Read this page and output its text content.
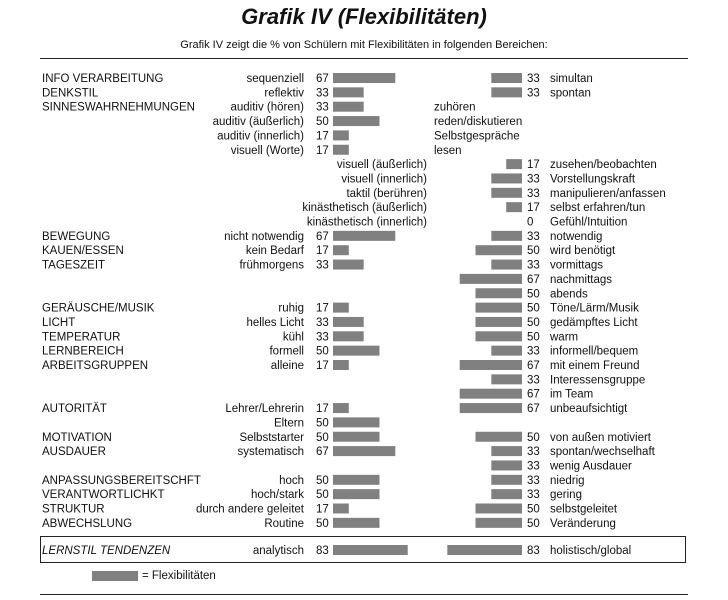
Grafik IV (Flexibilitäten)
Grafik IV zeigt die % von Schülern mit Flexibilitäten in folgenden Bereichen:
INFO VERARBEITUNG	sequenziell 67	33 simultan
DENKSTIL	reflektiv 33	33 spontan
SINNESWAHRNEHMUNGEN	auditiv (hören) 33	zuhören
auditiv (äußerlich) 50	reden/diskutieren
auditiv (innerlich) 17	Selbstgespräche
visuell (Worte) 17	lesen
visuell (äußerlich)	17 zusehen/beobachten
visuell (innerlich)	33 Vorstellungskraft
taktil (berühren)	33 manipulieren/anfassen
kinästhetisch (äußerlich)	17 selbst erfahren/tun
kinästhetisch (innerlich)	0 Gefühl/Intuition
BEWEGUNG	nicht notwendig 67	33 notwendig
KAUEN/ESSEN	kein Bedarf 17	50 wird benötigt
TAGESZEIT	frühmorgens 33	33 vormittags
67 nachmittags
50 abends
GERÄUSCHE/MUSIK	ruhig 17	50 Töne/Lärm/Musik
LICHT	helles Licht 33	50 gedämpftes Licht
TEMPERATUR	kühl 33	50 warm
LERNBEREICH	formell 50	33 informell/bequem
ARBEITSGRUPPEN	alleine 17	67 mit einem Freund
33 Interessensgruppe
67 im Team
AUTORITÄT	Lehrer/Lehrerin 17	67 unbeaufsichtigt
Eltern 50
MOTIVATION	Selbststarter 50	50 von außen motiviert
AUSDAUER	systematisch 67	33 spontan/wechselhaft
33 wenig Ausdauer
ANPASSUNGSBEREITSCHFT	hoch 50	33 niedrig
VERANTWORTLICHKT	hoch/stark 50	33 gering
STRUKTUR	durch andere geleitet 17	50 selbstgeleitet
ABWECHSLUNG	Routine 50	50 Veränderung
LERNSTIL TENDENZEN	analytisch 83	83 holistisch/global
= Flexibilitäten
